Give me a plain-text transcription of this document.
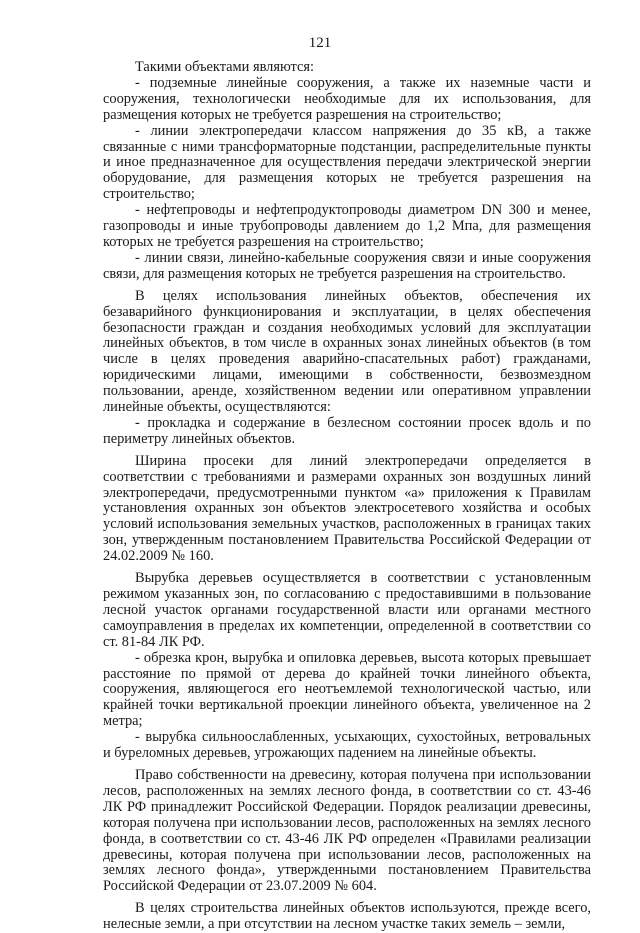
121

Такими объектами являются:

- подземные линейные сооружения, а также их наземные части и сооружения, технологически необходимые для их использования, для размещения которых не требуется разрешения на строительство;

- линии электропередачи классом напряжения до 35 кВ, а также связанные с ними трансформаторные подстанции, распределительные пункты и иное предназначенное для осуществления передачи электрической энергии оборудование, для размещения которых не требуется разрешения на строительство;

- нефтепроводы и нефтепродуктопроводы диаметром DN 300 и менее, газопроводы и иные трубопроводы давлением до 1,2 Мпа, для размещения которых не требуется разрешения на строительство;

- линии связи, линейно-кабельные сооружения связи и иные сооружения связи, для размещения которых не требуется разрешения на строительство.

В целях использования линейных объектов, обеспечения их безаварийного функционирования и эксплуатации, в целях обеспечения безопасности граждан и создания необходимых условий для эксплуатации линейных объектов, в том числе в охранных зонах линейных объектов (в том числе в целях проведения аварийно-спасательных работ) гражданами, юридическими лицами, имеющими в собственности, безвозмездном пользовании, аренде, хозяйственном ведении или оперативном управлении линейные объекты, осуществляются:

- прокладка и содержание в безлесном состоянии просек вдоль и по периметру линейных объектов.

Ширина просеки для линий электропередачи определяется в соответствии с требованиями и размерами охранных зон воздушных линий электропередачи, предусмотренными пунктом «а» приложения к Правилам установления охранных зон объектов электросетевого хозяйства и особых условий использования земельных участков, расположенных в границах таких зон, утвержденным постановлением Правительства Российской Федерации от 24.02.2009 № 160.

Вырубка деревьев осуществляется в соответствии с установленным режимом указанных зон, по согласованию с предоставившими в пользование лесной участок органами государственной власти или органами местного самоуправления в пределах их компетенции, определенной в соответствии со ст. 81-84 ЛК РФ.

- обрезка крон, вырубка и опиловка деревьев, высота которых превышает расстояние по прямой от дерева до крайней точки линейного объекта, сооружения, являющегося его неотъемлемой технологической частью, или крайней точки вертикальной проекции линейного объекта, увеличенное на 2 метра;

- вырубка сильноослабленных, усыхающих, сухостойных, ветровальных и буреломных деревьев, угрожающих падением на линейные объекты.

Право собственности на древесину, которая получена при использовании лесов, расположенных на землях лесного фонда, в соответствии со ст. 43-46 ЛК РФ принадлежит Российской Федерации. Порядок реализации древесины, которая получена при использовании лесов, расположенных на землях лесного фонда, в соответствии со ст. 43-46 ЛК РФ определен «Правилами реализации древесины, которая получена при использовании лесов, расположенных на землях лесного фонда», утвержденными постановлением Правительства Российской Федерации от 23.07.2009 № 604.

В целях строительства линейных объектов используются, прежде всего, нелесные земли, а при отсутствии на лесном участке таких земель – земли,
